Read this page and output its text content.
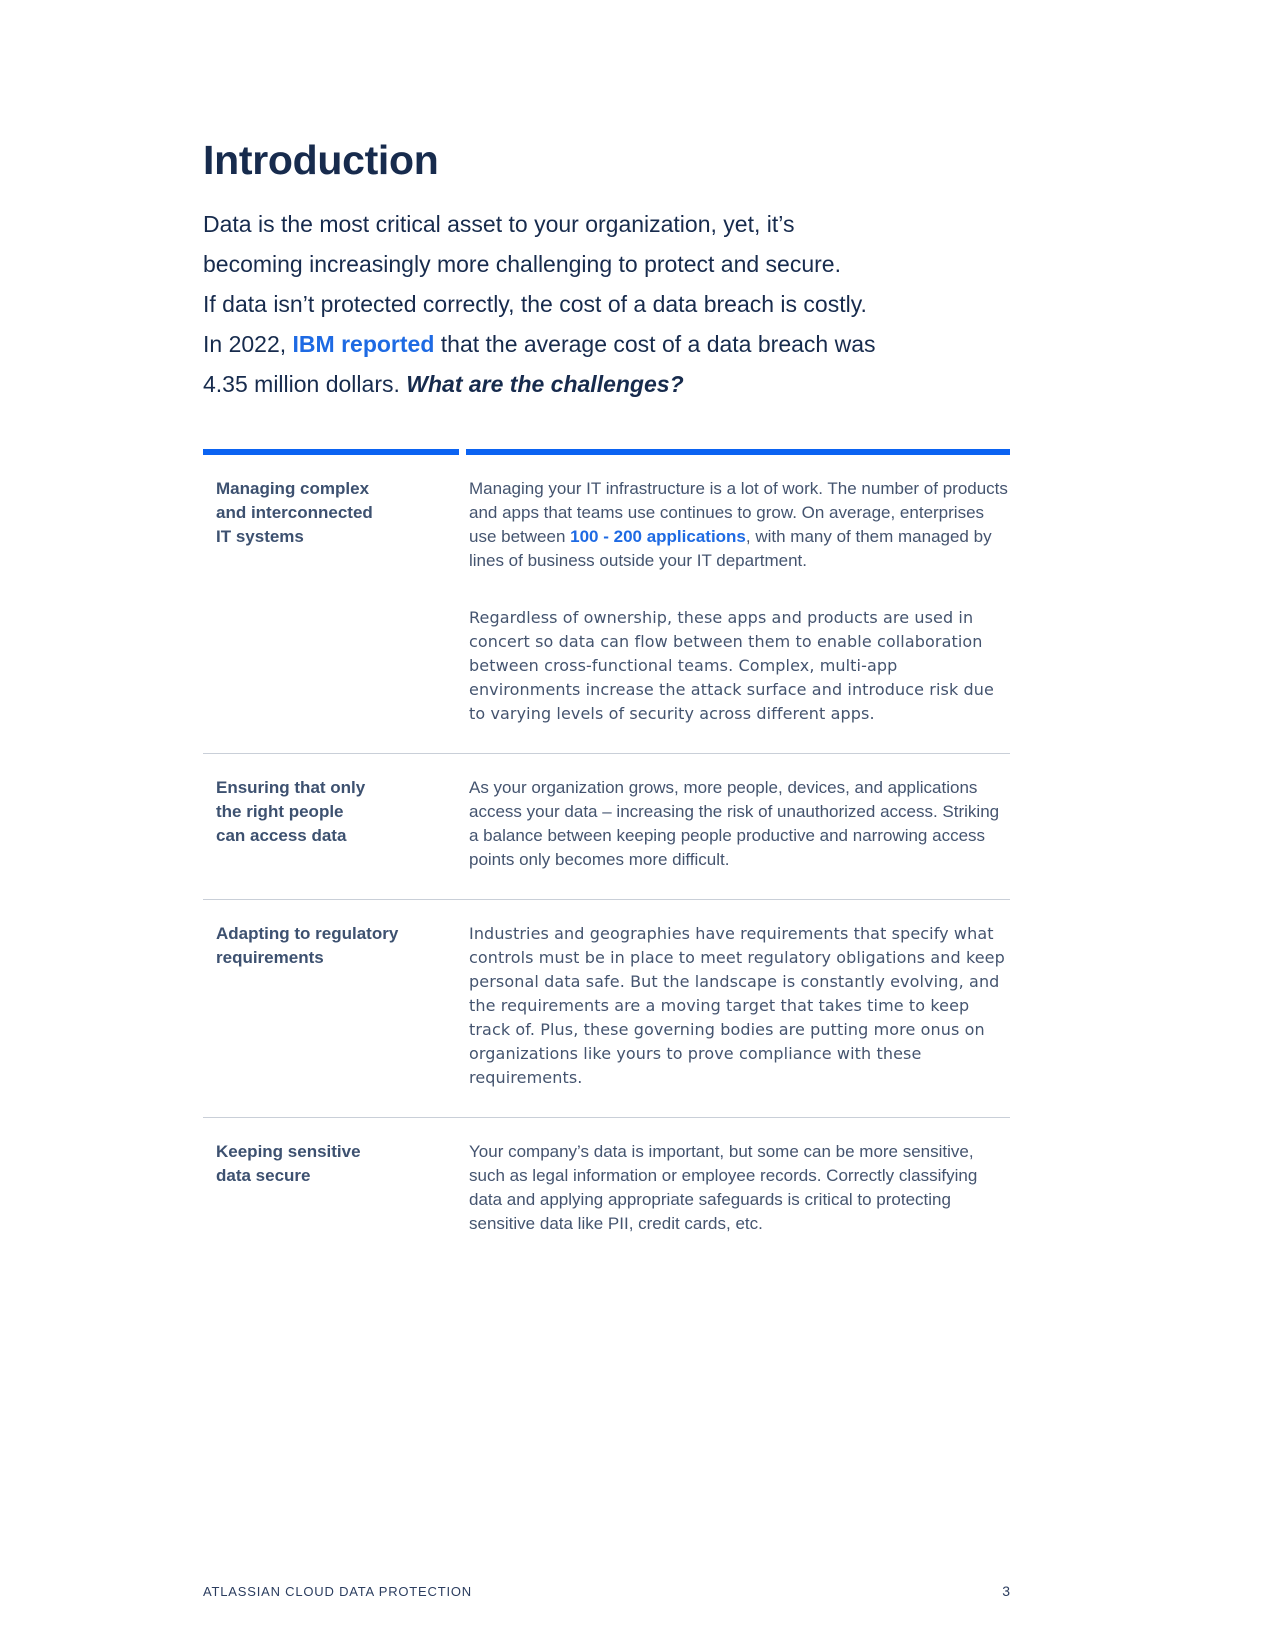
Introduction
Data is the most critical asset to your organization, yet, it’s
becoming increasingly more challenging to protect and secure.
If data isn’t protected correctly, the cost of a data breach is costly.
In 2022, IBM reported that the average cost of a data breach was
4.35 million dollars. What are the challenges?
Managing complex
and interconnected
IT systems

Managing your IT infrastructure is a lot of work. The number of products and apps that teams use continues to grow. On average, enterprises use between 100 - 200 applications, with many of them managed by lines of business outside your IT department.

Regardless of ownership, these apps and products are used in concert so data can flow between them to enable collaboration between cross-functional teams. Complex, multi-app environments increase the attack surface and introduce risk due to varying levels of security across different apps.

Ensuring that only
the right people
can access data

As your organization grows, more people, devices, and applications access your data – increasing the risk of unauthorized access. Striking a balance between keeping people productive and narrowing access points only becomes more difficult.

Adapting to regulatory
requirements

Industries and geographies have requirements that specify what controls must be in place to meet regulatory obligations and keep personal data safe. But the landscape is constantly evolving, and the requirements are a moving target that takes time to keep track of. Plus, these governing bodies are putting more onus on organizations like yours to prove compliance with these requirements.

Keeping sensitive
data secure

Your company’s data is important, but some can be more sensitive, such as legal information or employee records. Correctly classifying data and applying appropriate safeguards is critical to protecting sensitive data like PII, credit cards, etc.

ATLASSIAN CLOUD DATA PROTECTION	3
